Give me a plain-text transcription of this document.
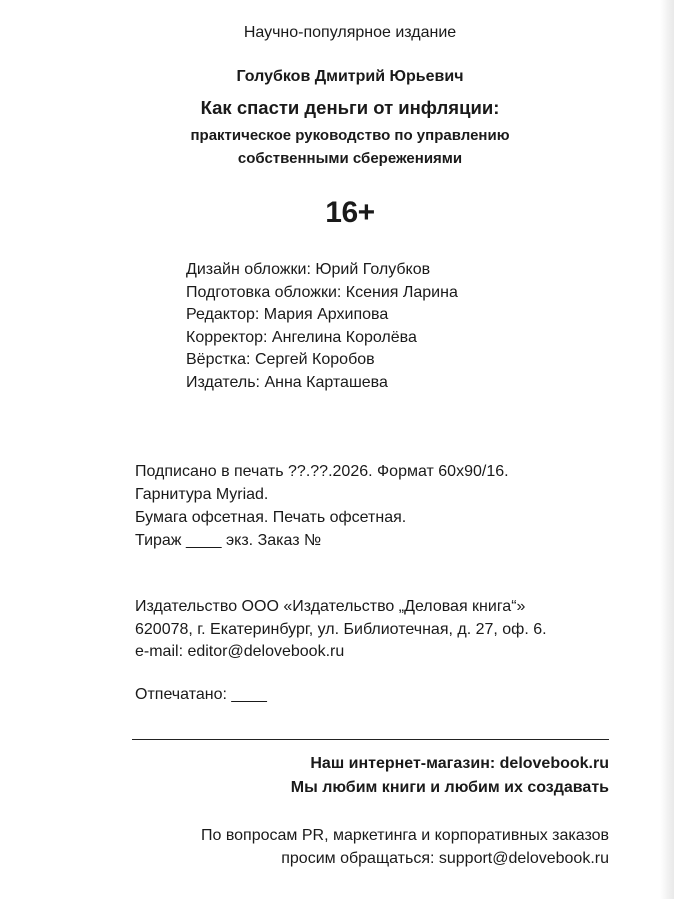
Научно-популярное издание

Голубков Дмитрий Юрьевич

Как спасти деньги от инфляции:

практическое руководство по управлению
собственными сбережениями

16+

Дизайн обложки: Юрий Голубков
Подготовка обложки: Ксения Ларина
Редактор: Мария Архипова
Корректор: Ангелина Королёва
Вёрстка: Сергей Коробов
Издатель: Анна Карташева
Подписано в печать ??.??.2026. Формат 60х90/16.
Гарнитура Myriad.
Бумага офсетная. Печать офсетная.
Тираж ____ экз. Заказ №
Издательство ООО «Издательство „Деловая книга“»
620078, г. Екатеринбург, ул. Библиотечная, д. 27, оф. 6.
e-mail: editor@delovebook.ru
Отпечатано: ____
Наш интернет-магазин: delovebook.ru
Мы любим книги и любим их создавать
По вопросам PR, маркетинга и корпоративных заказов
просим обращаться: support@delovebook.ru
